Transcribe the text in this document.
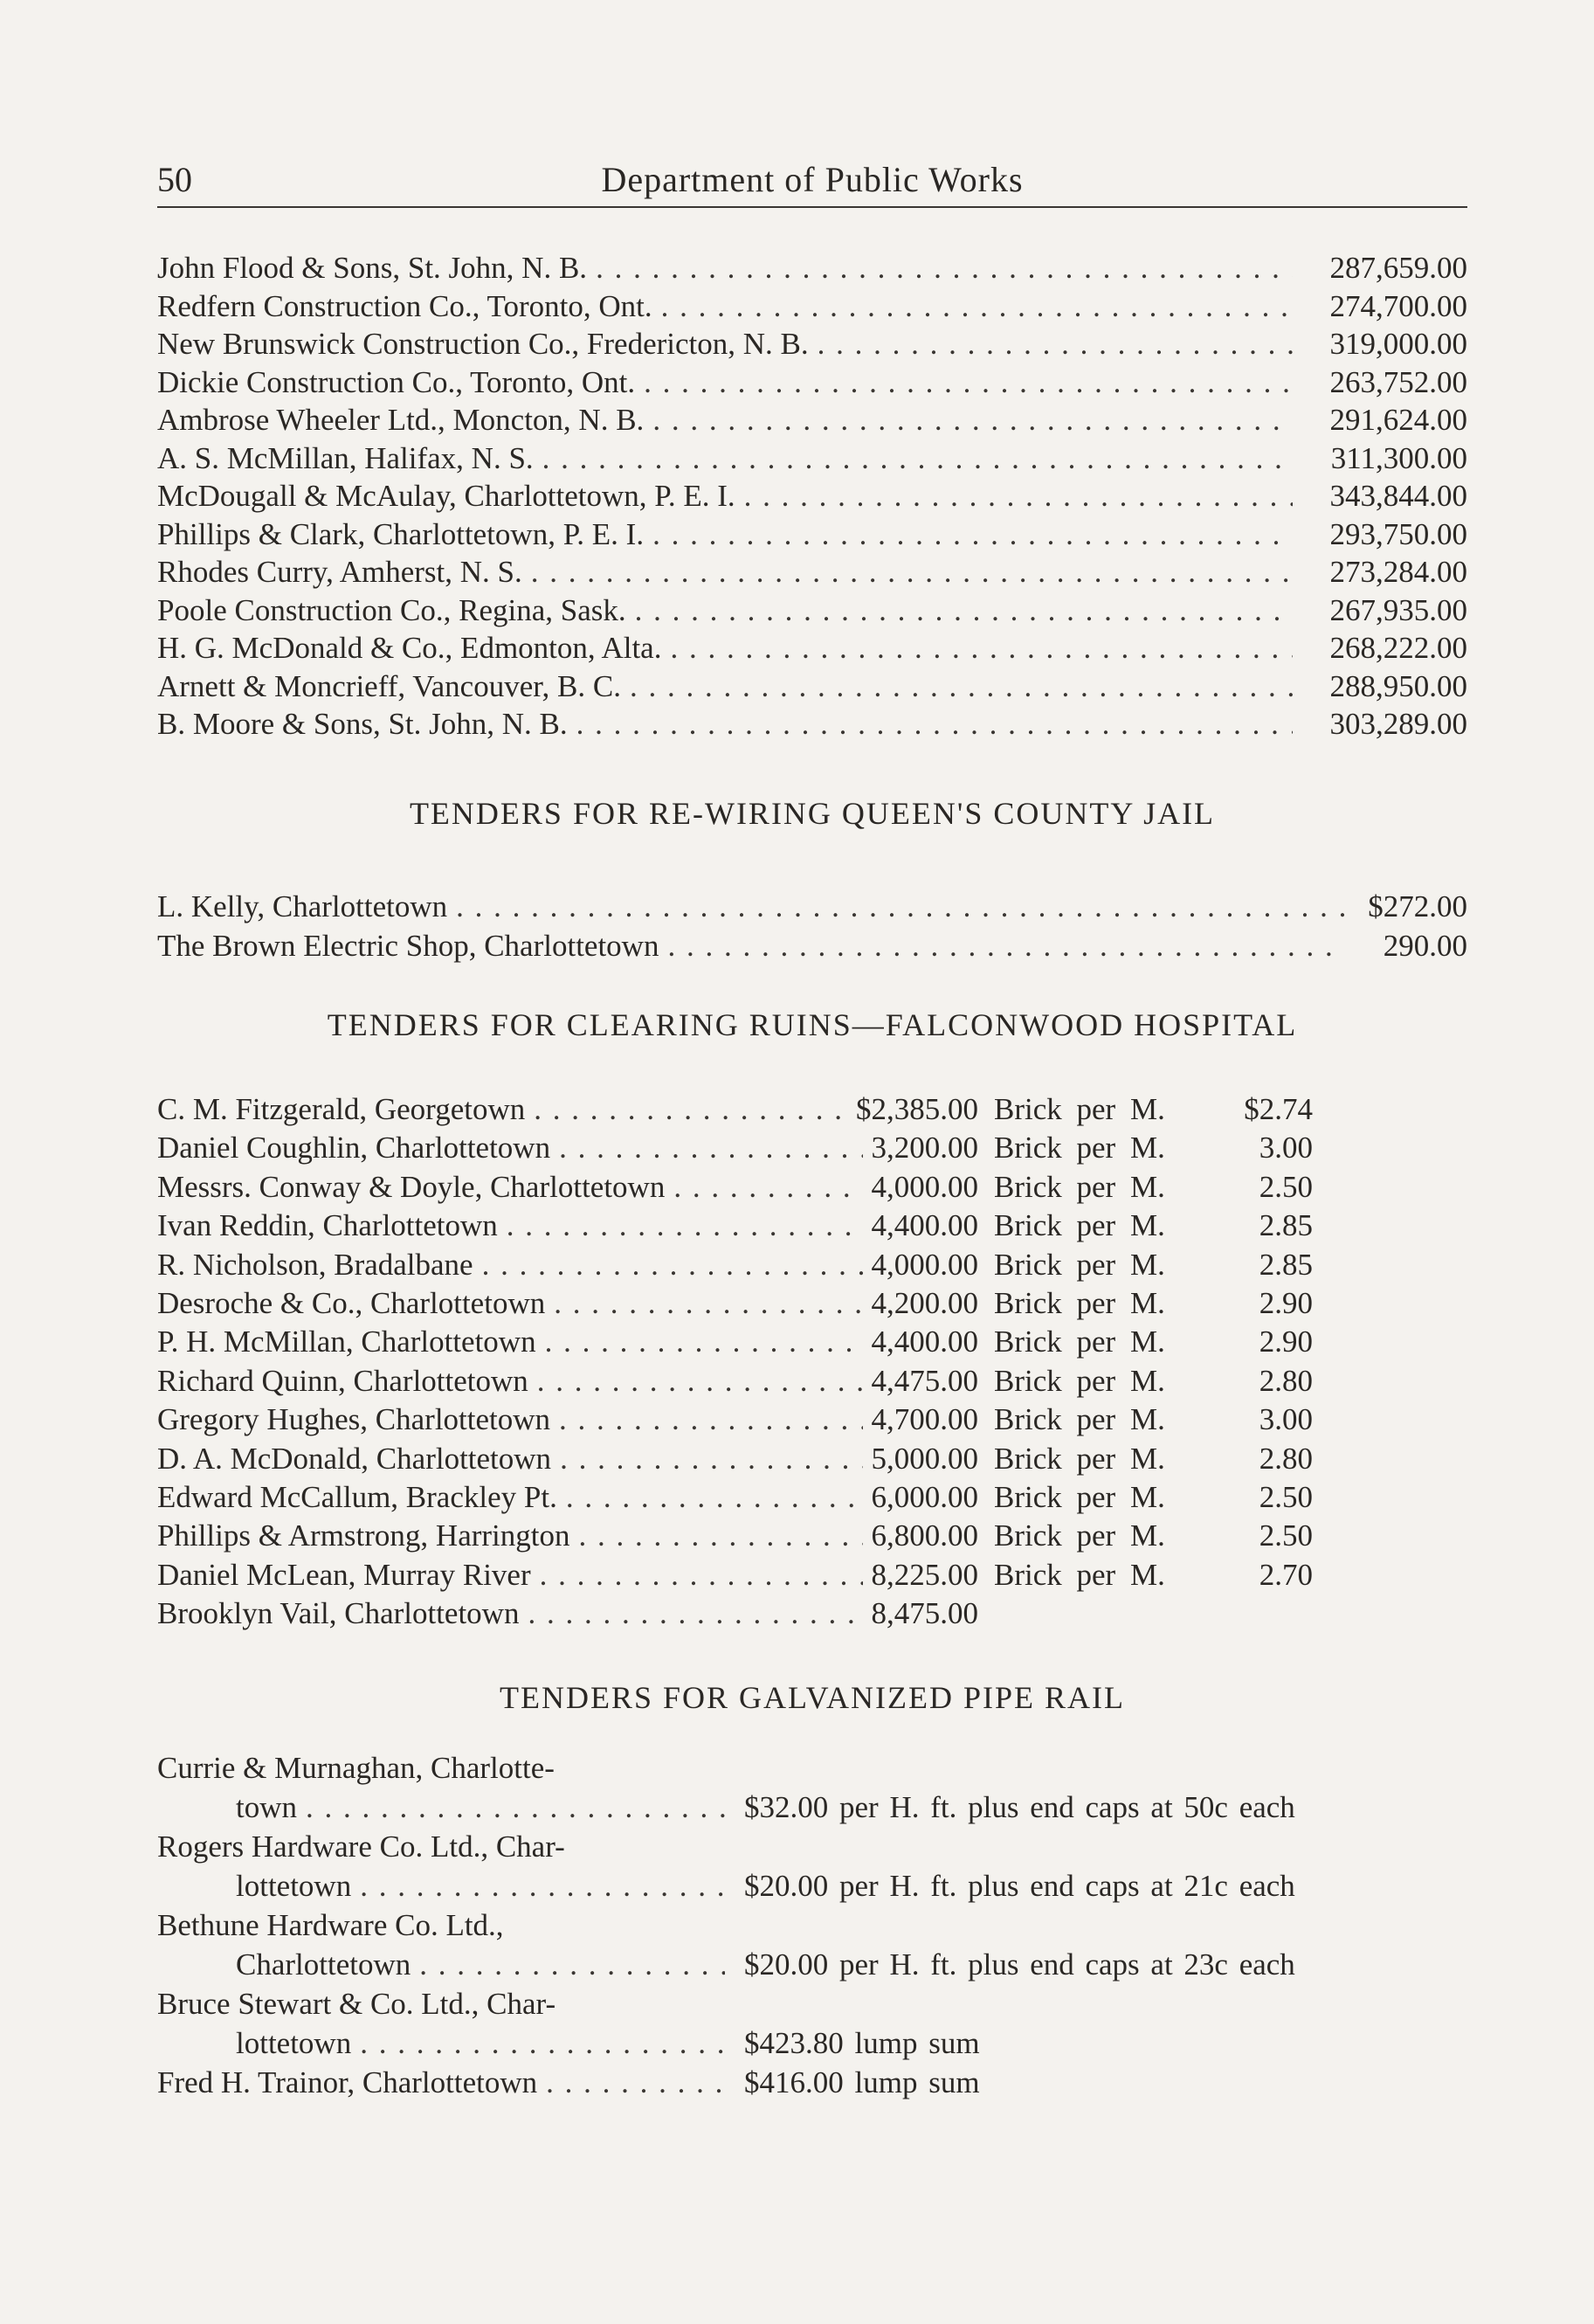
50	Department of Public Works
John Flood & Sons, St. John, N. B. . . .	287,659.00
Redfern Construction Co., Toronto, Ont. . . .	274,700.00
New Brunswick Construction Co., Fredericton, N. B. . . .	319,000.00
Dickie Construction Co., Toronto, Ont. . . .	263,752.00
Ambrose Wheeler Ltd., Moncton, N. B. . . .	291,624.00
A. S. McMillan, Halifax, N. S. . . .	311,300.00
McDougall & McAulay, Charlottetown, P. E. I. . . .	343,844.00
Phillips & Clark, Charlottetown, P. E. I. . . .	293,750.00
Rhodes Curry, Amherst, N. S. . . .	273,284.00
Poole Construction Co., Regina, Sask. . . .	267,935.00
H. G. McDonald & Co., Edmonton, Alta. . . .	268,222.00
Arnett & Moncrieff, Vancouver, B. C. . . .	288,950.00
B. Moore & Sons, St. John, N. B. . . .	303,289.00
TENDERS FOR RE-WIRING QUEEN'S COUNTY JAIL
L. Kelly, Charlottetown . . .	$272.00
The Brown Electric Shop, Charlottetown . . .	290.00
TENDERS FOR CLEARING RUINS—FALCONWOOD HOSPITAL
C. M. Fitzgerald, Georgetown . . .	$2,385.00 Brick per M.	$2.74
Daniel Coughlin, Charlottetown . . .	3,200.00 Brick per M.	3.00
Messrs. Conway & Doyle, Charlottetown . . .	4,000.00 Brick per M.	2.50
Ivan Reddin, Charlottetown . . .	4,400.00 Brick per M.	2.85
R. Nicholson, Bradalbane . . .	4,000.00 Brick per M.	2.85
Desroche & Co., Charlottetown . . .	4,200.00 Brick per M.	2.90
P. H. McMillan, Charlottetown . . .	4,400.00 Brick per M.	2.90
Richard Quinn, Charlottetown . . .	4,475.00 Brick per M.	2.80
Gregory Hughes, Charlottetown . . .	4,700.00 Brick per M.	3.00
D. A. McDonald, Charlottetown . . .	5,000.00 Brick per M.	2.80
Edward McCallum, Brackley Pt. . . .	6,000.00 Brick per M.	2.50
Phillips & Armstrong, Harrington . . .	6,800.00 Brick per M.	2.50
Daniel McLean, Murray River . . .	8,225.00 Brick per M.	2.70
Brooklyn Vail, Charlottetown . . .	8,475.00
TENDERS FOR GALVANIZED PIPE RAIL
Currie & Murnaghan, Charlotte-
town . . .	$32.00 per H. ft. plus end caps at 50c each
Rogers Hardware Co. Ltd., Char-
lottetown . . .	$20.00 per H. ft. plus end caps at 21c each
Bethune Hardware Co. Ltd.,
Charlottetown . . .	$20.00 per H. ft. plus end caps at 23c each
Bruce Stewart & Co. Ltd., Char-
lottetown . . .	$423.80 lump sum
Fred H. Trainor, Charlottetown . . .	$416.00 lump sum
